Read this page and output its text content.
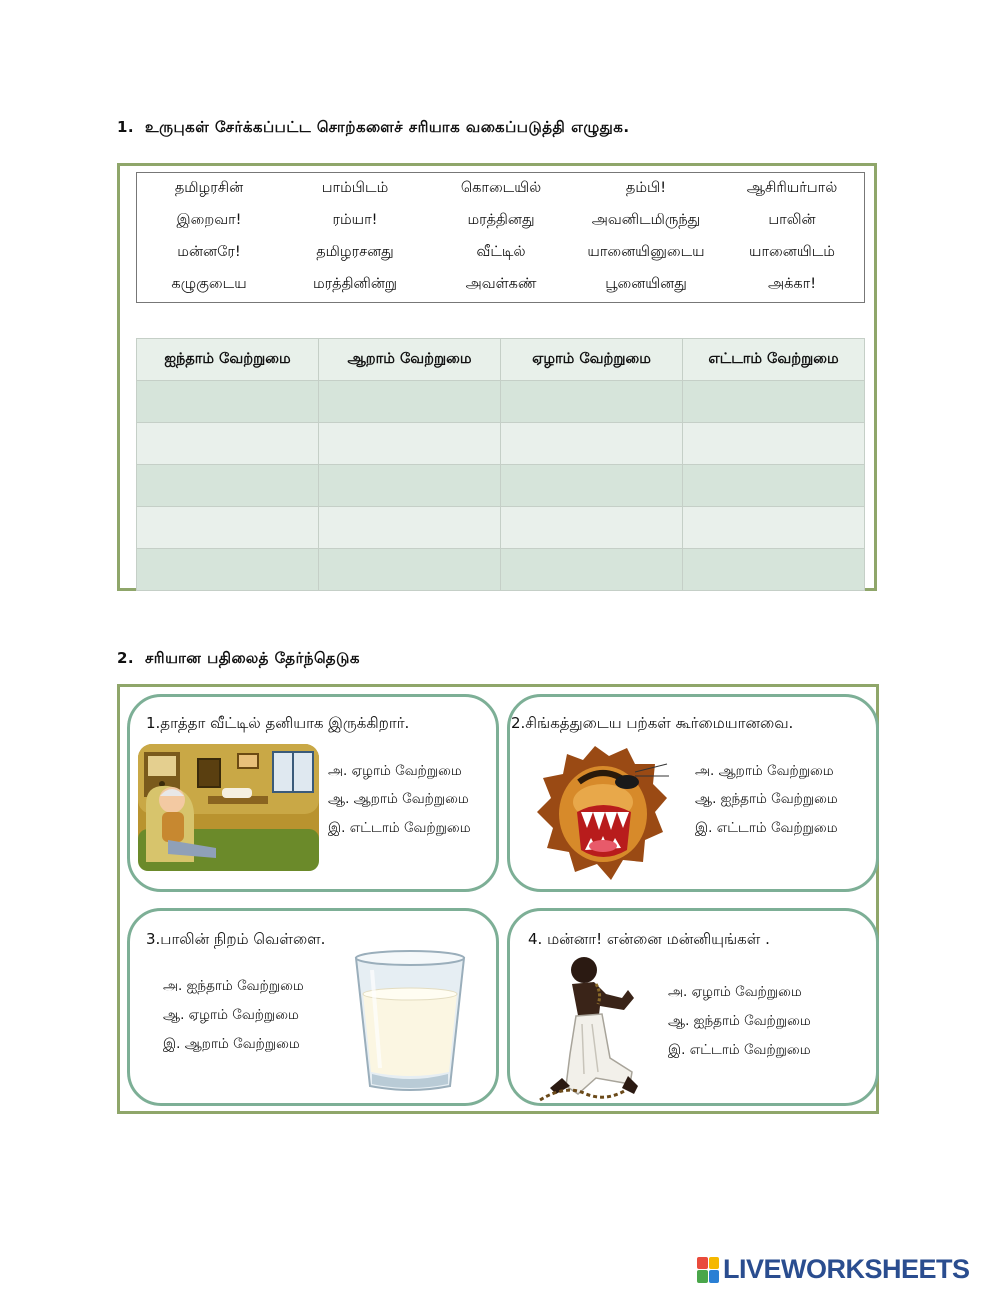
1. உருபுகள் சேர்க்கப்பட்ட சொற்களைச் சரியாக வகைப்படுத்தி எழுதுக.
தமிழரசின்	பாம்பிடம்	கொடையில்	தம்பி!	ஆசிரியர்பால்
இறைவா!	ரம்யா!	மரத்தினது	அவனிடமிருந்து	பாலின்
மன்னரே!	தமிழரசனது	வீட்டில்	யானையினுடைய	யானையிடம்
கழுகுடைய	மரத்தினின்று	அவள்கண்	பூனையினது	அக்கா!
ஐந்தாம் வேற்றுமை	ஆறாம் வேற்றுமை	ஏழாம் வேற்றுமை	எட்டாம் வேற்றுமை

2. சரியான பதிலைத் தேர்ந்தெடுக
1.தாத்தா வீட்டில் தனியாக இருக்கிறார்.
அ. ஏழாம் வேற்றுமை
ஆ. ஆறாம் வேற்றுமை
இ. எட்டாம் வேற்றுமை
2.சிங்கத்துடைய பற்கள் கூர்மையானவை.
அ. ஆறாம் வேற்றுமை
ஆ. ஐந்தாம் வேற்றுமை
இ. எட்டாம் வேற்றுமை
3.பாலின் நிறம் வெள்ளை.
அ. ஐந்தாம் வேற்றுமை
ஆ. ஏழாம் வேற்றுமை
இ. ஆறாம் வேற்றுமை
4. மன்னா! என்னை மன்னியுங்கள் .
அ. ஏழாம் வேற்றுமை
ஆ. ஐந்தாம் வேற்றுமை
இ. எட்டாம் வேற்றுமை
LIVEWORKSHEETS
